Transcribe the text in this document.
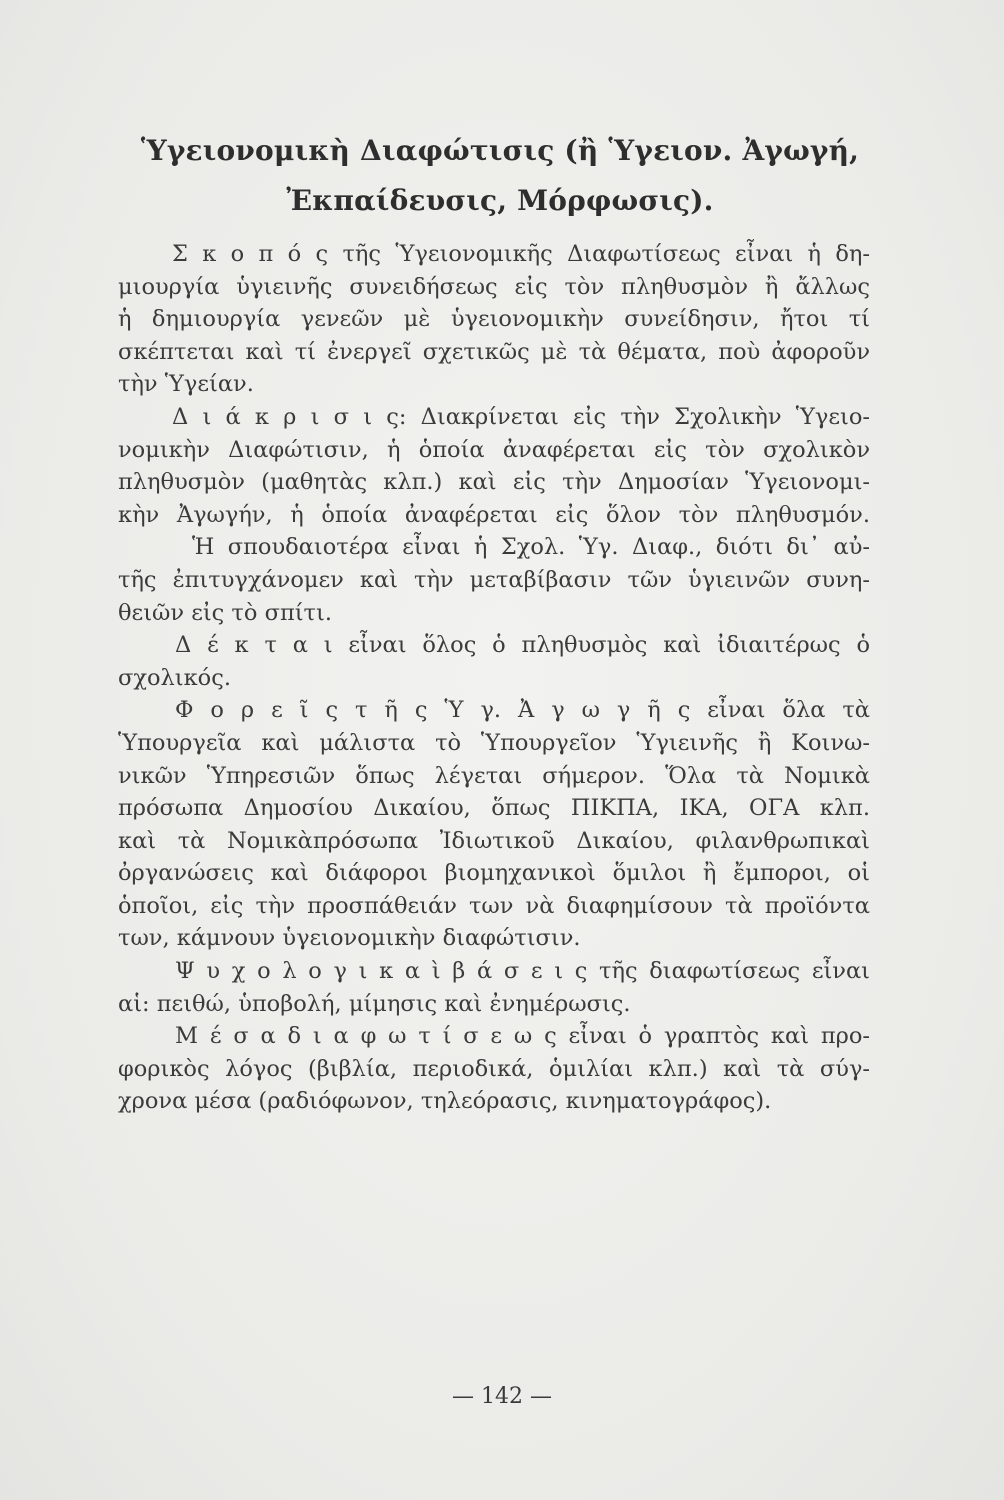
Ὑγειονομικὴ Διαφώτισις (ἢ Ὑγειον. Ἀγωγή,
Ἐκπαίδευσις, Μόρφωσις).
Σ κ ο π ό ς τῆς Ὑγειονομικῆς Διαφωτίσεως εἶναι ἡ δη-
μιουργία ὑγιεινῆς συνειδήσεως εἰς τὸν πληθυσμὸν ἢ ἄλλως
ἡ δημιουργία γενεῶν μὲ ὑγειονομικὴν συνείδησιν, ἤτοι τί
σκέπτεται καὶ τί ἐνεργεῖ σχετικῶς μὲ τὰ θέματα, ποὺ ἀφοροῦν
τὴν Ὑγείαν.
Δ ι ά κ ρ ι σ ι ς: Διακρίνεται εἰς τὴν Σχολικὴν Ὑγειο-
νομικὴν Διαφώτισιν, ἡ ὁποία ἀναφέρεται εἰς τὸν σχολικὸν
πληθυσμὸν (μαθητὰς κλπ.) καὶ εἰς τὴν Δημοσίαν Ὑγειονομι-
κὴν Ἀγωγήν, ἡ ὁποία ἀναφέρεται εἰς ὅλον τὸν πληθυσμόν.
Ἡ σπουδαιοτέρα εἶναι ἡ Σχολ. Ὑγ. Διαφ., διότι δι᾿ αὐ-
τῆς ἐπιτυγχάνομεν καὶ τὴν μεταβίβασιν τῶν ὑγιεινῶν συνη-
θειῶν εἰς τὸ σπίτι.
Δ έ κ τ α ι εἶναι ὅλος ὁ πληθυσμὸς καὶ ἰδιαιτέρως ὁ
σχολικός.
Φ ο ρ ε ῖ ς τ ῆ ς Ὑ γ. Ἀ γ ω γ ῆ ς εἶναι ὅλα τὰ
Ὑπουργεῖα καὶ μάλιστα τὸ Ὑπουργεῖον Ὑγιεινῆς ἢ Κοινω-
νικῶν Ὑπηρεσιῶν ὅπως λέγεται σήμερον. Ὅλα τὰ Νομικὰ
πρόσωπα Δημοσίου Δικαίου, ὅπως ΠΙΚΠΑ, ΙΚΑ, ΟΓΑ κλπ.
καὶ τὰ Νομικὰπρόσωπα Ἰδιωτικοῦ Δικαίου, φιλανθρωπικαὶ
ὀργανώσεις καὶ διάφοροι βιομηχανικοὶ ὅμιλοι ἢ ἔμποροι, οἱ
ὁποῖοι, εἰς τὴν προσπάθειάν των νὰ διαφημίσουν τὰ προϊόντα
των, κάμνουν ὑγειονομικὴν διαφώτισιν.
Ψ υ χ ο λ ο γ ι κ α ὶ β ά σ ε ι ς τῆς διαφωτίσεως εἶναι
αἱ: πειθώ, ὑποβολή, μίμησις καὶ ἐνημέρωσις.
Μ έ σ α δ ι α φ ω τ ί σ ε ω ς εἶναι ὁ γραπτὸς καὶ προ-
φορικὸς λόγος (βιβλία, περιοδικά, ὁμιλίαι κλπ.) καὶ τὰ σύγ-
χρονα μέσα (ραδιόφωνον, τηλεόρασις, κινηματογράφος).
— 142 —
